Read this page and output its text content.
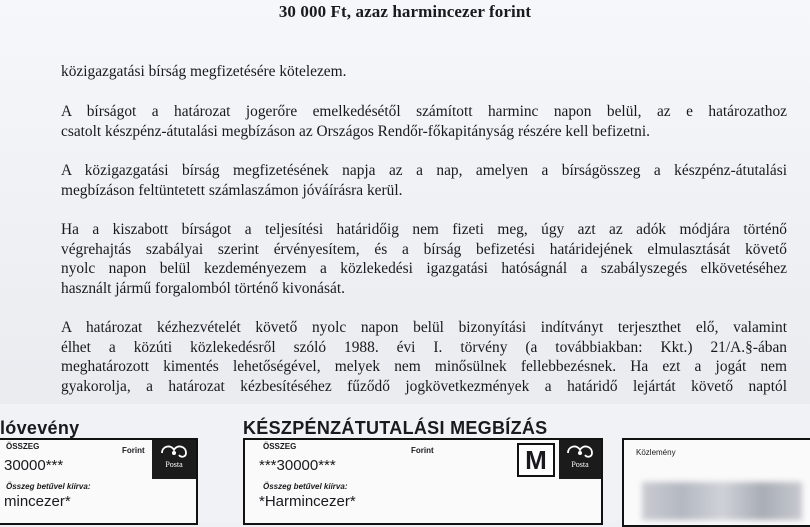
30 000 Ft, azaz harmincezer forint
közigazgatási bírság megfizetésére kötelezem.
A bírságot a határozat jogerőre emelkedésétől számított harminc napon belül, az e határozathoz
csatolt készpénz-átutalási megbízáson az Országos Rendőr-főkapitányság részére kell befizetni.
A közigazgatási bírság megfizetésének napja az a nap, amelyen a bírságösszeg a készpénz-átutalási
megbízáson feltüntetett számlaszámon jóváírásra kerül.
Ha a kiszabott bírságot a teljesítési határidőig nem fizeti meg, úgy azt az adók módjára történő
végrehajtás szabályai szerint érvényesítem, és a bírság befizetési határidejének elmulasztását követő
nyolc napon belül kezdeményezem a közlekedési igazgatási hatóságnál a szabályszegés elkövetéséhez
használt jármű forgalomból történő kivonását.
A határozat kézhezvételét követő nyolc napon belül bizonyítási indítványt terjeszthet elő, valamint
élhet a közúti közlekedésről szóló 1988. évi I. törvény (a továbbiakban: Kkt.) 21/A.§-ában
meghatározott kimentés lehetőségével, melyek nem minősülnek fellebbezésnek. Ha ezt a jogát nem
gyakorolja, a határozat kézbesítéséhez fűződő jogkövetkezmények a határidő lejártát követő naptól
lóvevény	KÉSZPÉNZÁTUTALÁSI MEGBÍZÁS
ÖSSZEG	Forint
30000***	Posta
Összeg betűvel kiírva:
mincezer*
ÖSSZEG	Forint
***30000***	M	Posta
Összeg betűvel kiírva:
*Harmincezer*
Közlemény
